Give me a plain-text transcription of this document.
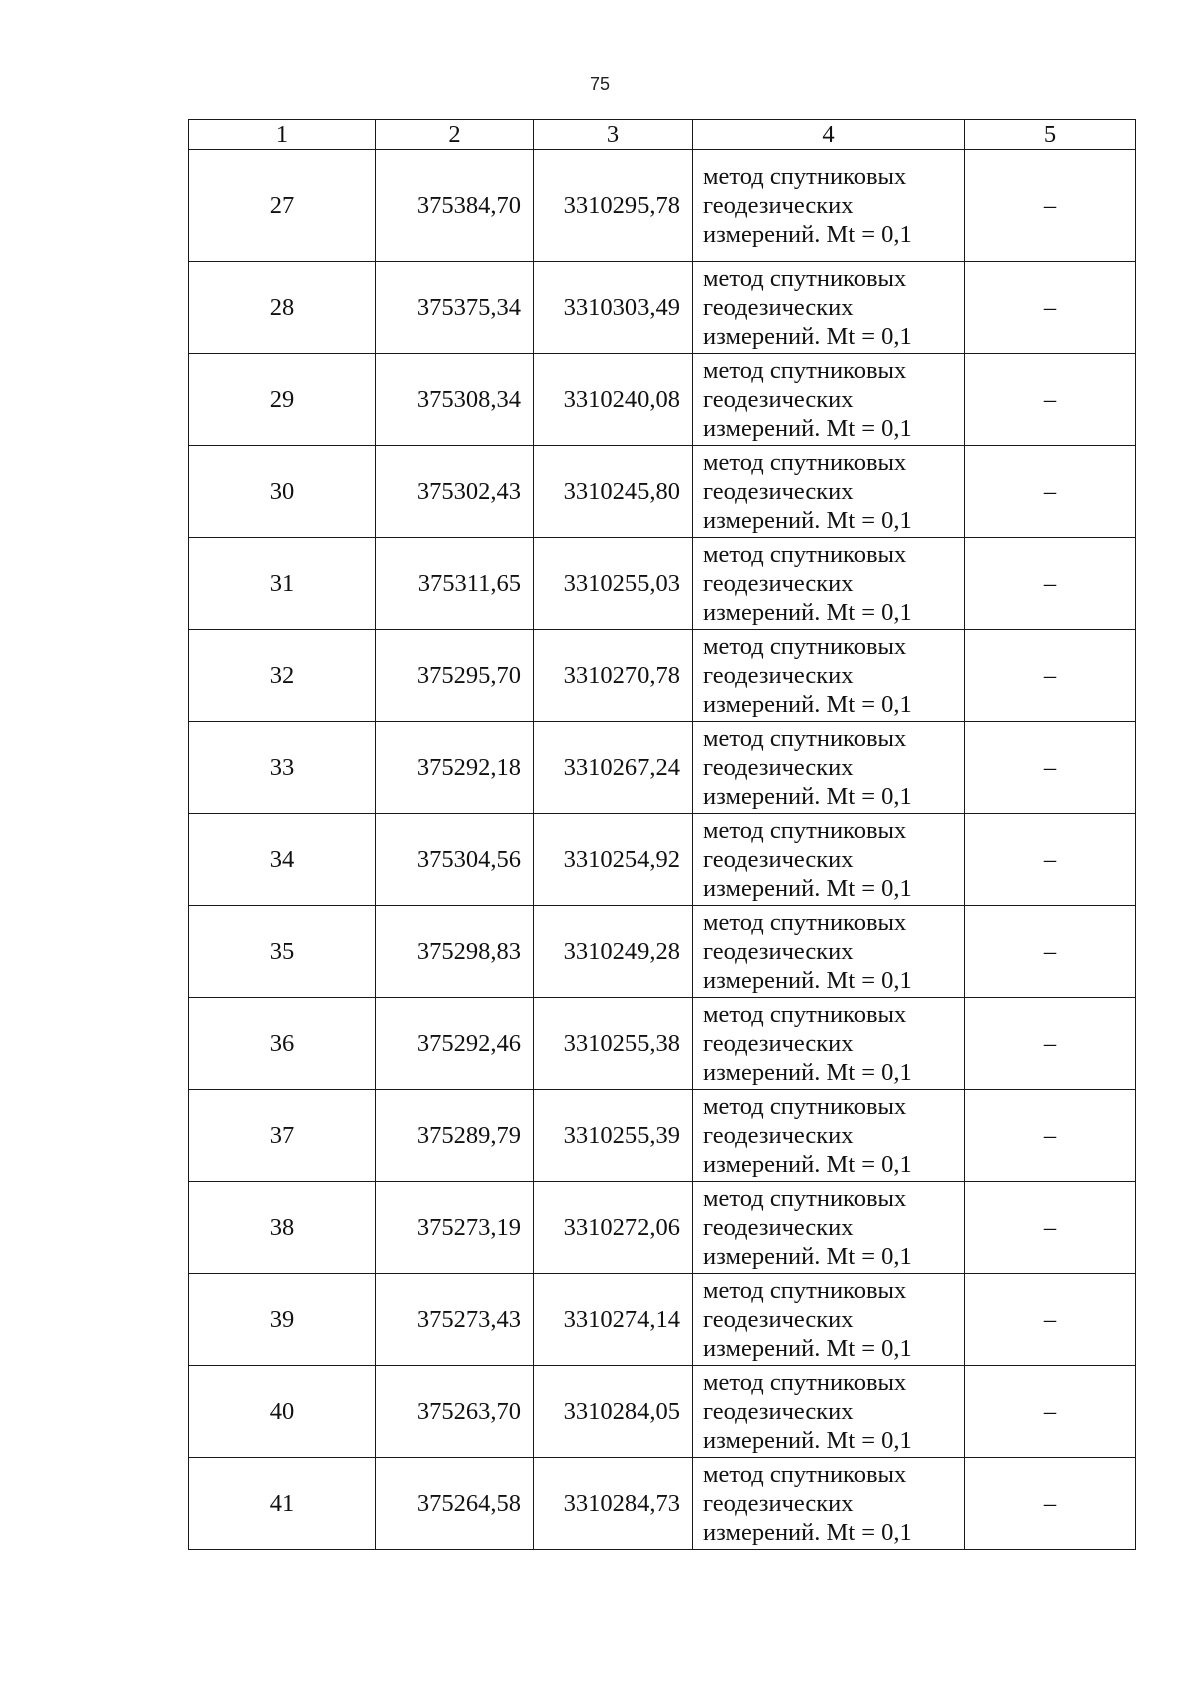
75
1	2	3	4	5
27	375384,70	3310295,78	метод спутниковых
геодезических
измерений. Mt = 0,1	–
28	375375,34	3310303,49	метод спутниковых
геодезических
измерений. Mt = 0,1	–
29	375308,34	3310240,08	метод спутниковых
геодезических
измерений. Mt = 0,1	–
30	375302,43	3310245,80	метод спутниковых
геодезических
измерений. Mt = 0,1	–
31	375311,65	3310255,03	метод спутниковых
геодезических
измерений. Mt = 0,1	–
32	375295,70	3310270,78	метод спутниковых
геодезических
измерений. Mt = 0,1	–
33	375292,18	3310267,24	метод спутниковых
геодезических
измерений. Mt = 0,1	–
34	375304,56	3310254,92	метод спутниковых
геодезических
измерений. Mt = 0,1	–
35	375298,83	3310249,28	метод спутниковых
геодезических
измерений. Mt = 0,1	–
36	375292,46	3310255,38	метод спутниковых
геодезических
измерений. Mt = 0,1	–
37	375289,79	3310255,39	метод спутниковых
геодезических
измерений. Mt = 0,1	–
38	375273,19	3310272,06	метод спутниковых
геодезических
измерений. Mt = 0,1	–
39	375273,43	3310274,14	метод спутниковых
геодезических
измерений. Mt = 0,1	–
40	375263,70	3310284,05	метод спутниковых
геодезических
измерений. Mt = 0,1	–
41	375264,58	3310284,73	метод спутниковых
геодезических
измерений. Mt = 0,1	–
